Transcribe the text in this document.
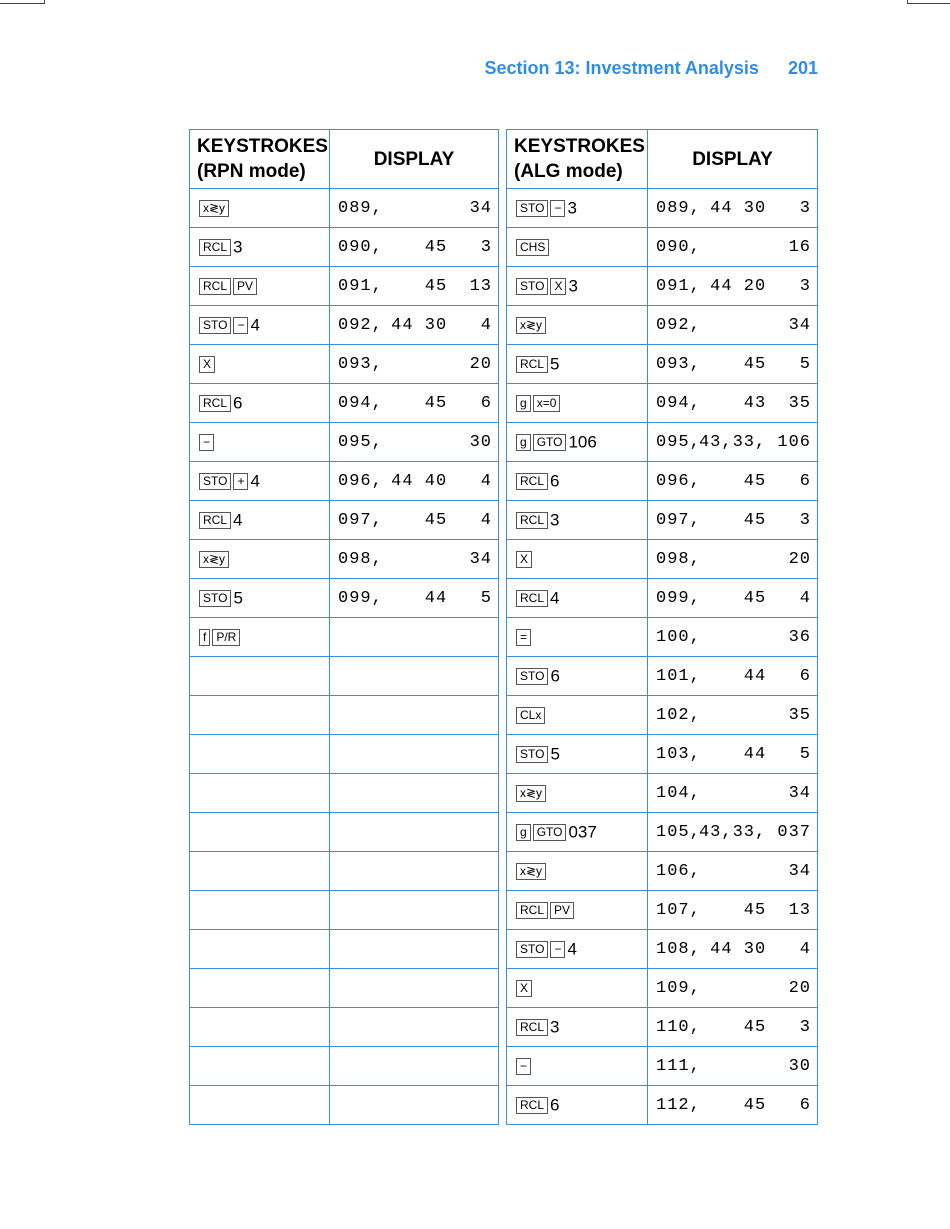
Section 13: Investment Analysis 201
KEYSTROKES
(RPN mode)	DISPLAY
x≷y	089, 34

RCL 3	090, 45   3

RCL PV	091, 45  13

STO − 4	092, 44 30   4

X	093, 20

RCL 6	094, 45   6

−	095, 30

STO + 4	096, 44 40   4

RCL 4	097, 45   4

x≷y	098, 34

STO 5	099, 44   5

f P/R	

KEYSTROKES
(ALG mode)	DISPLAY
STO − 3	089, 44 30   3

CHS	090, 16

STO X 3	091, 44 20   3

x≷y	092, 34

RCL 5	093, 45   5

g x=0	094, 43  35

g GTO 106	095,
43,33, 106

RCL 6	096, 45   6

RCL 3	097, 45   3

X	098, 20

RCL 4	099, 45   4

=	100, 36

STO 6	101, 44   6

CLx	102, 35

STO 5	103, 44   5

x≷y	104, 34

g GTO 037	105,
43,33, 037

x≷y	106, 34

RCL PV	107, 45  13

STO − 4	108, 44 30   4

X	109, 20

RCL 3	110, 45   3

−	111, 30

RCL 6	112, 45   6
